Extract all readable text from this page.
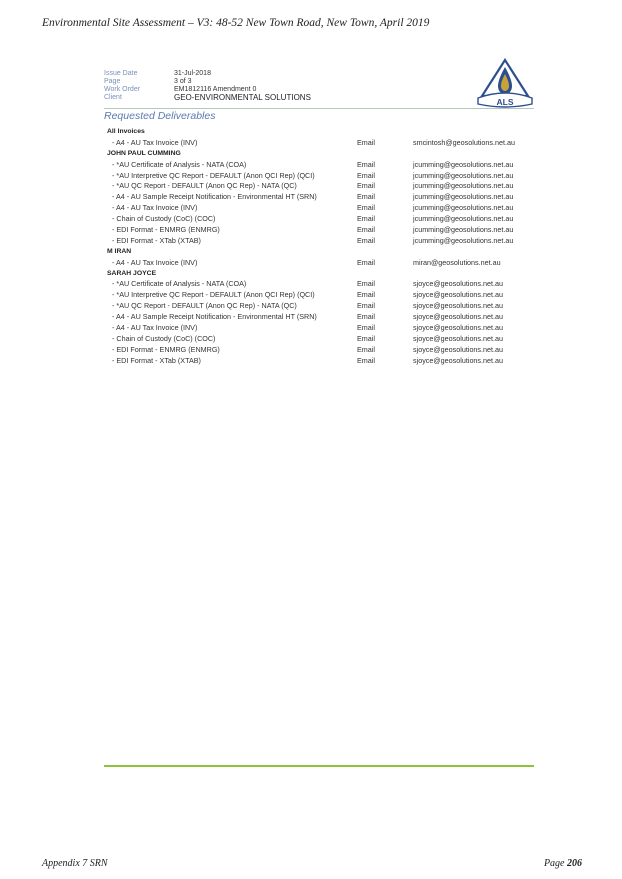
Environmental Site Assessment – V3: 48-52 New Town Road, New Town, April 2019
Issue Date	31-Jul-2018
Page	3 of 3
Work Order	EM1812116 Amendment 0
Client	GEO-ENVIRONMENTAL SOLUTIONS	ALS
Requested Deliverables
All Invoices
- A4 - AU Tax Invoice (INV)	Email	smcintosh@geosolutions.net.au
JOHN PAUL CUMMING
- *AU Certificate of Analysis - NATA (COA)	Email	jcumming@geosolutions.net.au
- *AU Interpretive QC Report - DEFAULT (Anon QCI Rep) (QCI)	Email	jcumming@geosolutions.net.au
- *AU QC Report - DEFAULT (Anon QC Rep) - NATA (QC)	Email	jcumming@geosolutions.net.au
- A4 - AU Sample Receipt Notification - Environmental HT (SRN)	Email	jcumming@geosolutions.net.au
- A4 - AU Tax Invoice (INV)	Email	jcumming@geosolutions.net.au
- Chain of Custody (CoC) (COC)	Email	jcumming@geosolutions.net.au
- EDI Format - ENMRG (ENMRG)	Email	jcumming@geosolutions.net.au
- EDI Format - XTab (XTAB)	Email	jcumming@geosolutions.net.au
M IRAN
- A4 - AU Tax Invoice (INV)	Email	miran@geosolutions.net.au
SARAH JOYCE
- *AU Certificate of Analysis - NATA (COA)	Email	sjoyce@geosolutions.net.au
- *AU Interpretive QC Report - DEFAULT (Anon QCI Rep) (QCI)	Email	sjoyce@geosolutions.net.au
- *AU QC Report - DEFAULT (Anon QC Rep) - NATA (QC)	Email	sjoyce@geosolutions.net.au
- A4 - AU Sample Receipt Notification - Environmental HT (SRN)	Email	sjoyce@geosolutions.net.au
- A4 - AU Tax Invoice (INV)	Email	sjoyce@geosolutions.net.au
- Chain of Custody (CoC) (COC)	Email	sjoyce@geosolutions.net.au
- EDI Format - ENMRG (ENMRG)	Email	sjoyce@geosolutions.net.au
- EDI Format - XTab (XTAB)	Email	sjoyce@geosolutions.net.au
Appendix 7 SRN	Page 206
